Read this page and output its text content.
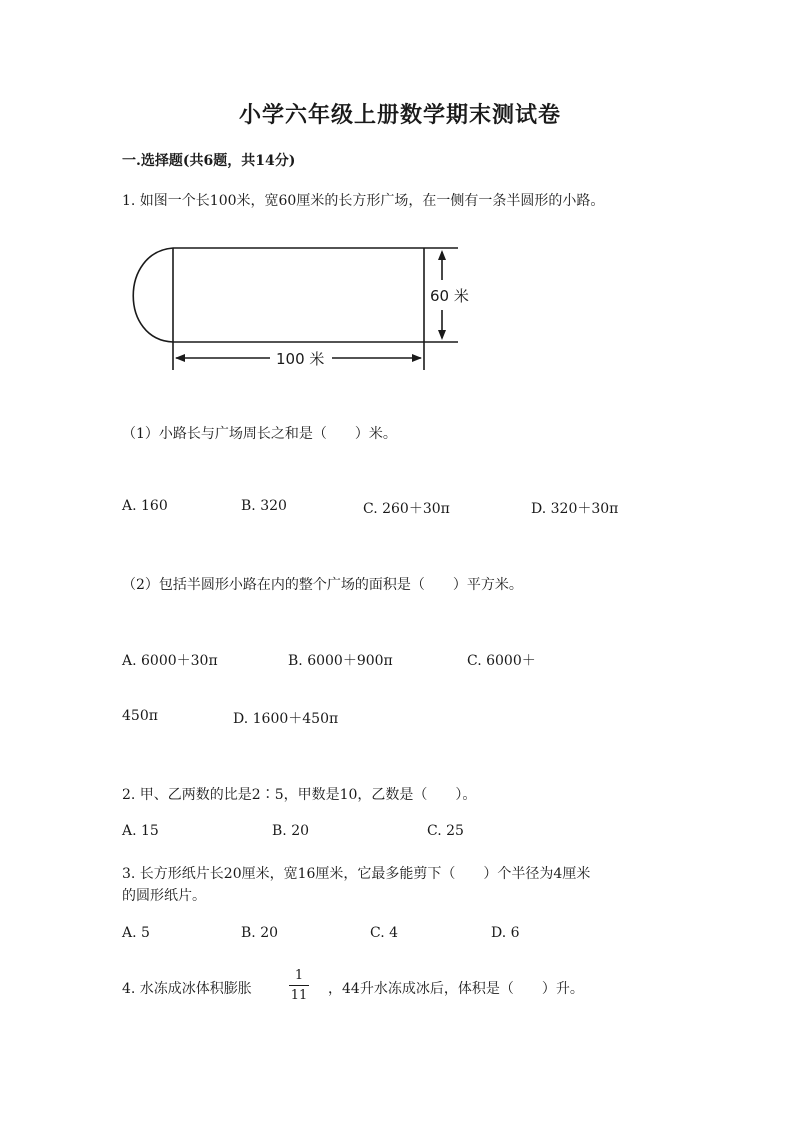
小学六年级上册数学期末测试卷
一.选择题(共6题，共14分)
1. 如图一个长100米，宽60厘米的长方形广场，在一侧有一条半圆形的小路。
60 米
100 米
（1）小路长与广场周长之和是（　　）米。
A. 160	B. 320	C. 260＋30π	D. 320＋30π
（2）包括半圆形小路在内的整个广场的面积是（　　）平方米。
A. 6000＋30π	B. 6000＋900π	C. 6000＋
450π	D. 1600＋450π
2. 甲、乙两数的比是2∶5，甲数是10，乙数是（　　）。
A. 15	B. 20	C. 25
3. 长方形纸片长20厘米，宽16厘米，它最多能剪下（　　）个半径为4厘米
的圆形纸片。
A. 5	B. 20	C. 4	D. 6
4. 水冻成冰体积膨胀
1
11 ，44升水冻成冰后，体积是（　　）升。
